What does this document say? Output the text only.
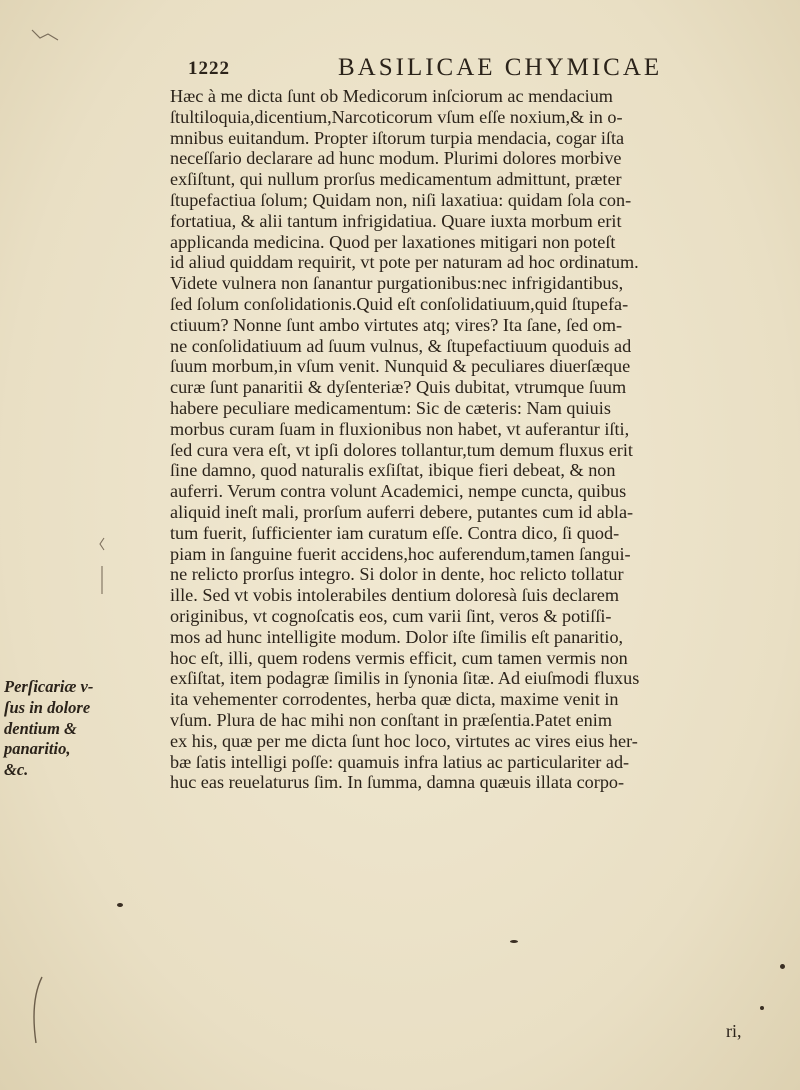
1222	BASILICAE CHYMICAE
Hæc à me dicta ſunt ob Medicorum inſciorum ac mendacium
ſtultiloquia,dicentium,Narcoticorum vſum eſſe noxium,& in o-
mnibus euitandum. Propter iſtorum turpia mendacia, cogar iſta
neceſſario declarare ad hunc modum. Plurimi dolores morbive
exſiſtunt, qui nullum prorſus medicamentum admittunt, præter
ſtupefactiua ſolum; Quidam non, niſi laxatiua: quidam ſola con-
fortatiua, & alii tantum infrigidatiua. Quare iuxta morbum erit
applicanda medicina. Quod per laxationes mitigari non poteſt
id aliud quiddam requirit, vt pote per naturam ad hoc ordinatum.
Videte vulnera non ſanantur purgationibus:nec infrigidantibus,
ſed ſolum conſolidationis.Quid eſt conſolidatiuum,quid ſtupefa-
ctiuum? Nonne ſunt ambo virtutes atq; vires? Ita ſane, ſed om-
ne conſolidatiuum ad ſuum vulnus, & ſtupefactiuum quoduis ad
ſuum morbum,in vſum venit. Nunquid & peculiares diuerſæque
curæ ſunt panaritii & dyſenteriæ? Quis dubitat, vtrumque ſuum
habere peculiare medicamentum: Sic de cæteris: Nam quiuis
morbus curam ſuam in fluxionibus non habet, vt auferantur iſti,
ſed cura vera eſt, vt ipſi dolores tollantur,tum demum fluxus erit
ſine damno, quod naturalis exſiſtat, ibique fieri debeat, & non
auferri. Verum contra volunt Academici, nempe cuncta, quibus
aliquid ineſt mali, prorſum auferri debere, putantes cum id abla-
tum fuerit, ſufficienter iam curatum eſſe. Contra dico, ſi quod-
piam in ſanguine fuerit accidens,hoc auferendum,tamen ſangui-
ne relicto prorſus integro. Si dolor in dente, hoc relicto tollatur
ille. Sed vt vobis intolerabiles dentium doloresà ſuis declarem
originibus, vt cognoſcatis eos, cum varii ſint, veros & potiſſi-
mos ad hunc intelligite modum. Dolor iſte ſimilis eſt panaritio,
hoc eſt, illi, quem rodens vermis efficit, cum tamen vermis non
exſiſtat, item podagræ ſimilis in ſynonia ſitæ. Ad eiuſmodi fluxus
ita vehementer corrodentes, herba quæ dicta, maxime venit in
vſum. Plura de hac mihi non conſtant in præſentia.Patet enim
ex his, quæ per me dicta ſunt hoc loco, virtutes ac vires eius her-
bæ ſatis intelligi poſſe: quamuis infra latius ac particulariter ad-
huc eas reuelaturus ſim. In ſumma, damna quæuis illata corpo-
Perſicariæ v-
ſus in dolore
dentium &
panaritio,
&c.
ri,
